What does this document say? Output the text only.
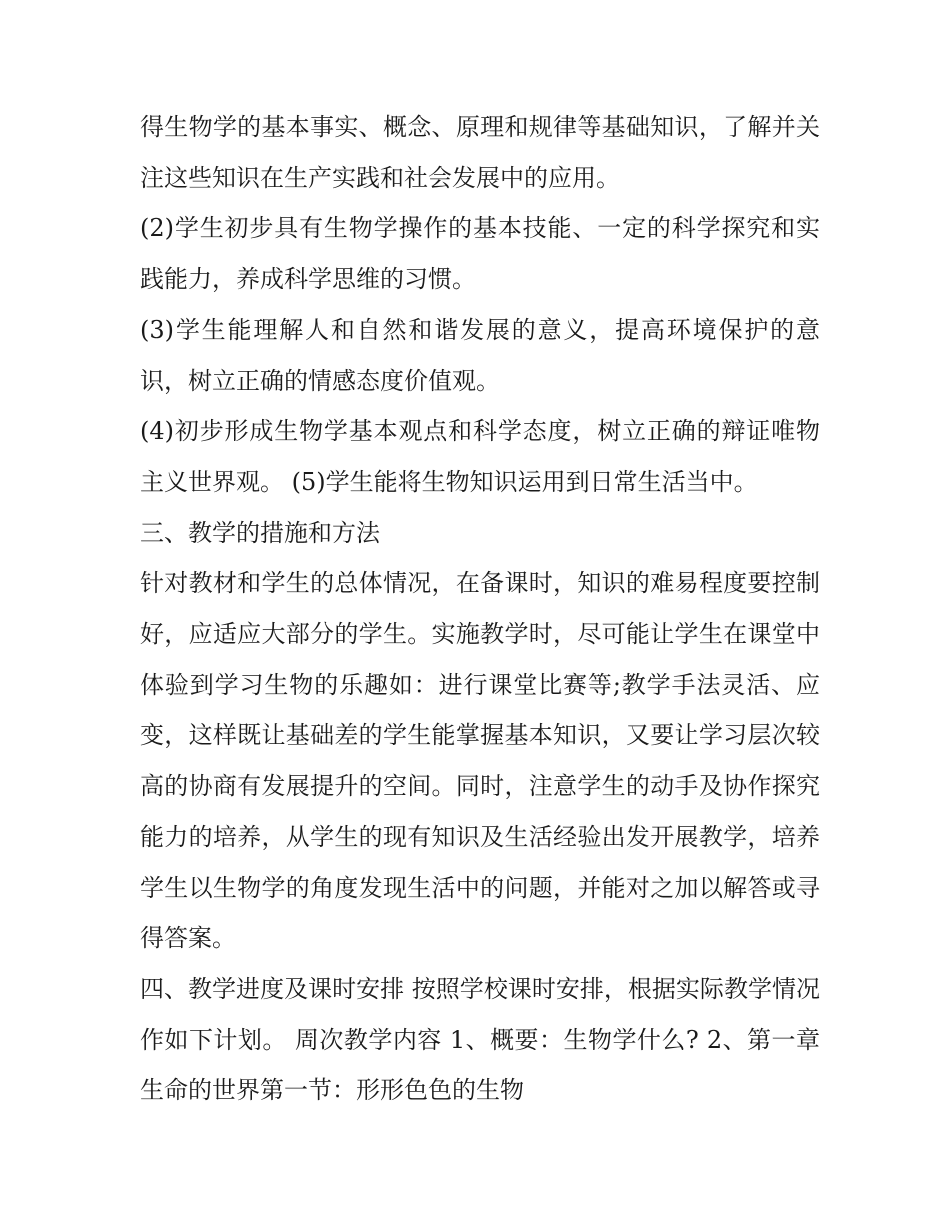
得生物学的基本事实、概念、原理和规律等基础知识，了解并关注这些知识在生产实践和社会发展中的应用。

(2)学生初步具有生物学操作的基本技能、一定的科学探究和实践能力，养成科学思维的习惯。

(3)学生能理解人和自然和谐发展的意义，提高环境保护的意识，树立正确的情感态度价值观。

(4)初步形成生物学基本观点和科学态度，树立正确的辩证唯物主义世界观。 (5)学生能将生物知识运用到日常生活当中。

三、教学的措施和方法

针对教材和学生的总体情况，在备课时，知识的难易程度要控制好，应适应大部分的学生。实施教学时，尽可能让学生在课堂中体验到学习生物的乐趣如：进行课堂比赛等;教学手法灵活、应变，这样既让基础差的学生能掌握基本知识，又要让学习层次较高的协商有发展提升的空间。同时，注意学生的动手及协作探究能力的培养，从学生的现有知识及生活经验出发开展教学，培养学生以生物学的角度发现生活中的问题，并能对之加以解答或寻得答案。

四、教学进度及课时安排 按照学校课时安排，根据实际教学情况作如下计划。 周次教学内容 1、概要：生物学什么? 2、第一章生命的世界第一节：形形色色的生物
